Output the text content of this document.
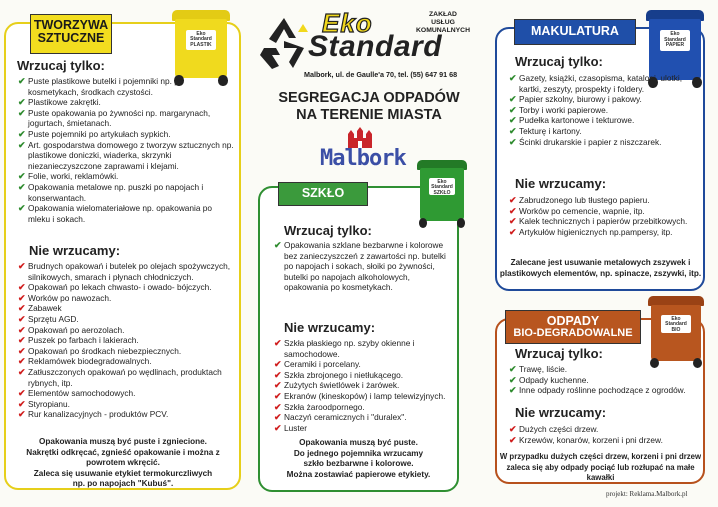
Eko
Standard
ZAKŁAD
USŁUG
KOMUNALNYCH
Malbork, ul. de Gaulle'a 70, tel. (55) 647 91 68
SEGREGACJA ODPADÓW
NA TERENIE MIASTA
Malbork
TWORZYWA
SZTUCZNE	Eko Standard
PLASTIK
Wrzucaj tylko:
✔ Puste plastikowe butelki i pojemniki np. po kosmetykach, środkach czystości.
✔ Plastikowe zakrętki.
✔ Puste opakowania po żywności np. margarynach, jogurtach, śmietanach.
✔ Puste pojemniki po artykułach sypkich.
✔ Art. gospodarstwa domowego z tworzyw sztucznych np. plastikowe doniczki, wiaderka, skrzynki niezanieczyszczone zaprawami i klejami.
✔ Folie, worki, reklamówki.
✔ Opakowania metalowe np. puszki po napojach i konserwantach.
✔ Opakowania wielomateriałowe np. opakowania po mleku i sokach.
Nie wrzucamy:
✔ Brudnych opakowań i butelek po olejach spożywczych, silnikowych, smarach i płynach chłodniczych.
✔ Opakowań po lekach chwasto- i owado- bójczych.
✔ Worków po nawozach.
✔ Zabawek
✔ Sprzętu AGD.
✔ Opakowań po aerozolach.
✔ Puszek po farbach i lakierach.
✔ Opakowań po środkach niebezpiecznych.
✔ Reklamówek biodegradowalnych.
✔ Zatłuszczonych opakowań po wędlinach, produktach rybnych, itp.
✔ Elementów samochodowych.
✔ Styropianu.
✔ Rur kanalizacyjnych - produktów PCV.
Opakowania muszą być puste i zgniecione.
Nakrętki odkręcać, zgnieść opakowanie i można z powrotem wkręcić.
Zaleca się usuwanie etykiet termokurczliwych
np. po napojach "Kubuś".
SZKŁO
Eko Standard
SZKŁO
Wrzucaj tylko:
✔ Opakowania szklane bezbarwne i kolorowe bez zanieczyszczeń z zawartości np. butelki po napojach i sokach, słoiki po żywności, butelki po napojach alkoholowych, opakowania po kosmetykach.
Nie wrzucamy:
✔ Szkła płaskiego np. szyby okienne i samochodowe.
✔ Ceramiki i porcelany.
✔ Szkła zbrojonego i nietłukącego.
✔ Zużytych świetlówek i żarówek.
✔ Ekranów (kineskopów) i lamp telewizyjnych.
✔ Szkła żaroodpornego.
✔ Naczyń ceramicznych i "duralex".
✔ Luster
Opakowania muszą być puste.
Do jednego pojemnika wrzucamy
szkło bezbarwne i kolorowe.
Można zostawiać papierowe etykiety.
MAKULATURA	Eko Standard
PAPIER
Wrzucaj tylko:
✔ Gazety, książki, czasopisma, katalogi, ulotki, kartki, zeszyty, prospekty i foldery.
✔ Papier szkolny, biurowy i pakowy.
✔ Torby i worki papierowe.
✔ Pudełka kartonowe i tekturowe.
✔ Tekturę i kartony.
✔ Ścinki drukarskie i papier z niszczarek.
Nie wrzucamy:
✔ Zabrudzonego lub tłustego papieru.
✔ Worków po cemencie, wapnie, itp.
✔ Kalek technicznych i papierów przebitkowych.
✔ Artykułów higienicznych np.pampersy, itp.
Zalecane jest usuwanie metalowych zszywek i
plastikowych elementów, np. spinacze, zszywki, itp.
ODPADY
BIO-DEGRADOWALNE
Eko Standard
BIO
Wrzucaj tylko:
✔ Trawę, liście.
✔ Odpady kuchenne.
✔ Inne odpady roślinne pochodzące z ogrodów.
Nie wrzucamy:
✔ Dużych części drzew.
✔ Krzewów, konarów, korzeni i pni drzew.
W przypadku dużych części drzew, korzeni i pni drzew
zaleca się aby odpady pociąć lub rozłupać na małe kawałki
projekt: Reklama.Malbork.pl
